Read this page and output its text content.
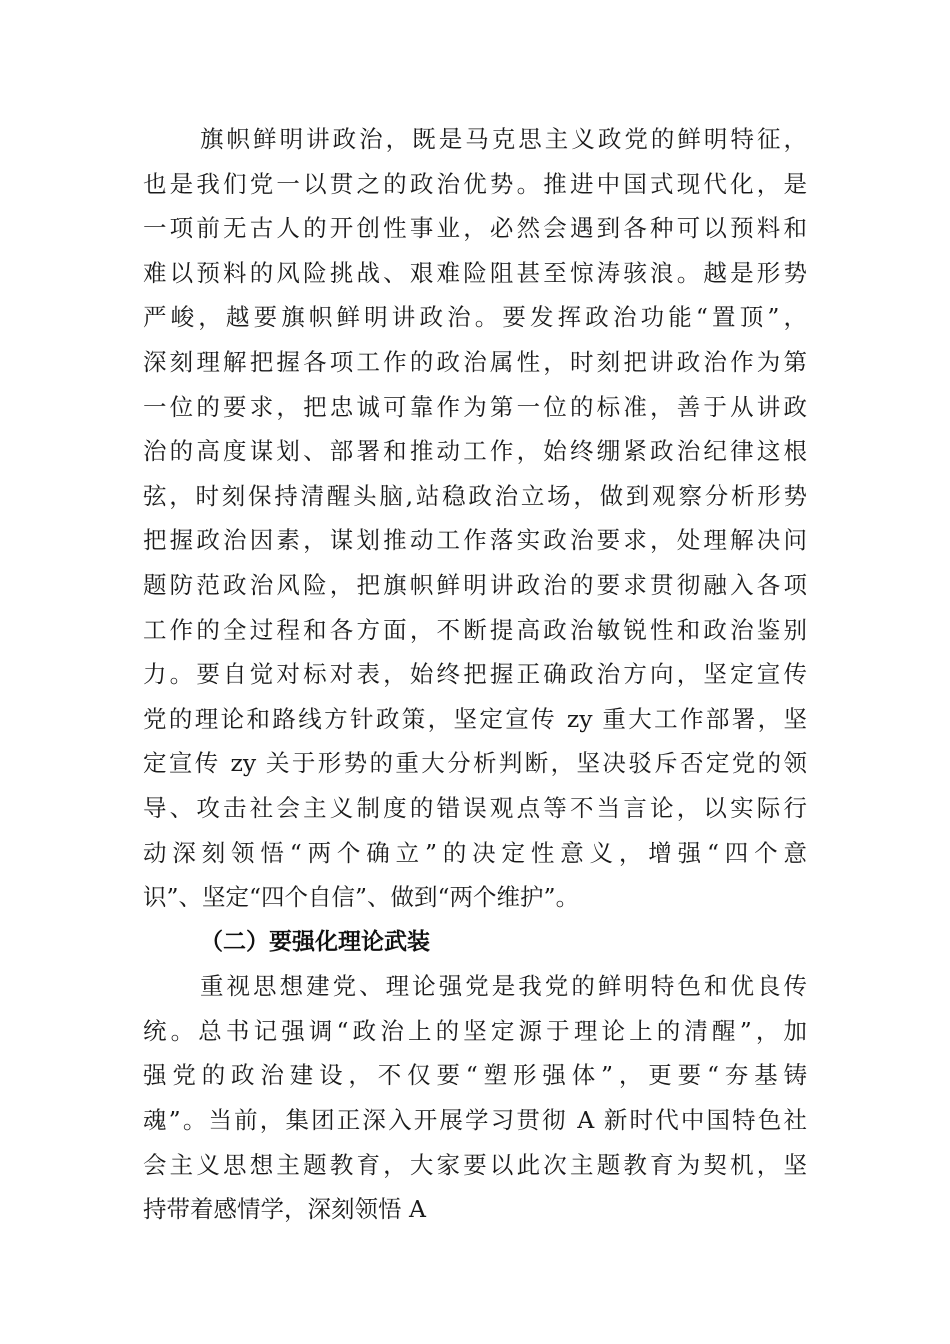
旗帜鲜明讲政治，既是马克思主义政党的鲜明特征，
也是我们党一以贯之的政治优势。推进中国式现代化，是
一项前无古人的开创性事业，必然会遇到各种可以预料和
难以预料的风险挑战、艰难险阻甚至惊涛骇浪。越是形势
严峻，越要旗帜鲜明讲政治。要发挥政治功能“置顶”，
深刻理解把握各项工作的政治属性，时刻把讲政治作为第
一位的要求，把忠诚可靠作为第一位的标准，善于从讲政
治的高度谋划、部署和推动工作，始终绷紧政治纪律这根
弦，时刻保持清醒头脑,站稳政治立场，做到观察分析形势
把握政治因素，谋划推动工作落实政治要求，处理解决问
题防范政治风险，把旗帜鲜明讲政治的要求贯彻融入各项
工作的全过程和各方面，不断提高政治敏锐性和政治鉴别
力。要自觉对标对表，始终把握正确政治方向，坚定宣传
党的理论和路线方针政策，坚定宣传 zy 重大工作部署，坚
定宣传 zy 关于形势的重大分析判断，坚决驳斥否定党的领
导、攻击社会主义制度的错误观点等不当言论，以实际行
动深刻领悟“两个确立”的决定性意义，增强“四个意
识”、坚定“四个自信”、做到“两个维护”。
（二）要强化理论武装
重视思想建党、理论强党是我党的鲜明特色和优良传
统。总书记强调“政治上的坚定源于理论上的清醒”，加
强党的政治建设，不仅要“塑形强体”，更要“夯基铸
魂”。当前，集团正深入开展学习贯彻 A 新时代中国特色社
会主义思想主题教育，大家要以此次主题教育为契机，坚
持带着感情学，深刻领悟 A
